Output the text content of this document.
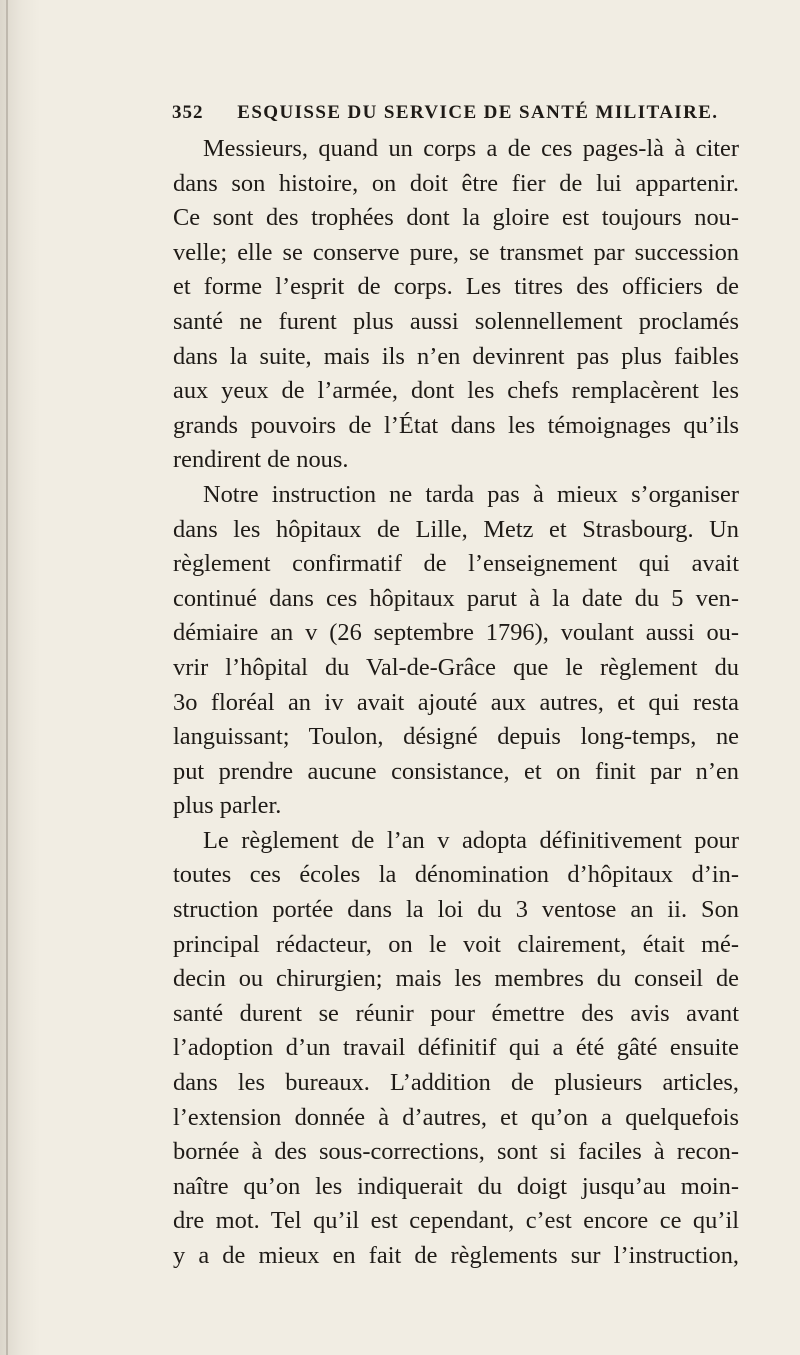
352 ESQUISSE DU SERVICE DE SANTÉ MILITAIRE.
Messieurs, quand un corps a de ces pages-là à citer
dans son histoire, on doit être fier de lui appartenir.
Ce sont des trophées dont la gloire est toujours nou-
velle; elle se conserve pure, se transmet par succession
et forme l’esprit de corps. Les titres des officiers de
santé ne furent plus aussi solennellement proclamés
dans la suite, mais ils n’en devinrent pas plus faibles
aux yeux de l’armée, dont les chefs remplacèrent les
grands pouvoirs de l’État dans les témoignages qu’ils
rendirent de nous.
Notre instruction ne tarda pas à mieux s’organiser
dans les hôpitaux de Lille, Metz et Strasbourg. Un
règlement confirmatif de l’enseignement qui avait
continué dans ces hôpitaux parut à la date du 5 ven-
démiaire an v (26 septembre 1796), voulant aussi ou-
vrir l’hôpital du Val-de-Grâce que le règlement du
3o floréal an iv avait ajouté aux autres, et qui resta
languissant; Toulon, désigné depuis long-temps, ne
put prendre aucune consistance, et on finit par n’en
plus parler.
Le règlement de l’an v adopta définitivement pour
toutes ces écoles la dénomination d’hôpitaux d’in-
struction portée dans la loi du 3 ventose an ii. Son
principal rédacteur, on le voit clairement, était mé-
decin ou chirurgien; mais les membres du conseil de
santé durent se réunir pour émettre des avis avant
l’adoption d’un travail définitif qui a été gâté ensuite
dans les bureaux. L’addition de plusieurs articles,
l’extension donnée à d’autres, et qu’on a quelquefois
bornée à des sous-corrections, sont si faciles à recon-
naître qu’on les indiquerait du doigt jusqu’au moin-
dre mot. Tel qu’il est cependant, c’est encore ce qu’il
y a de mieux en fait de règlements sur l’instruction,
